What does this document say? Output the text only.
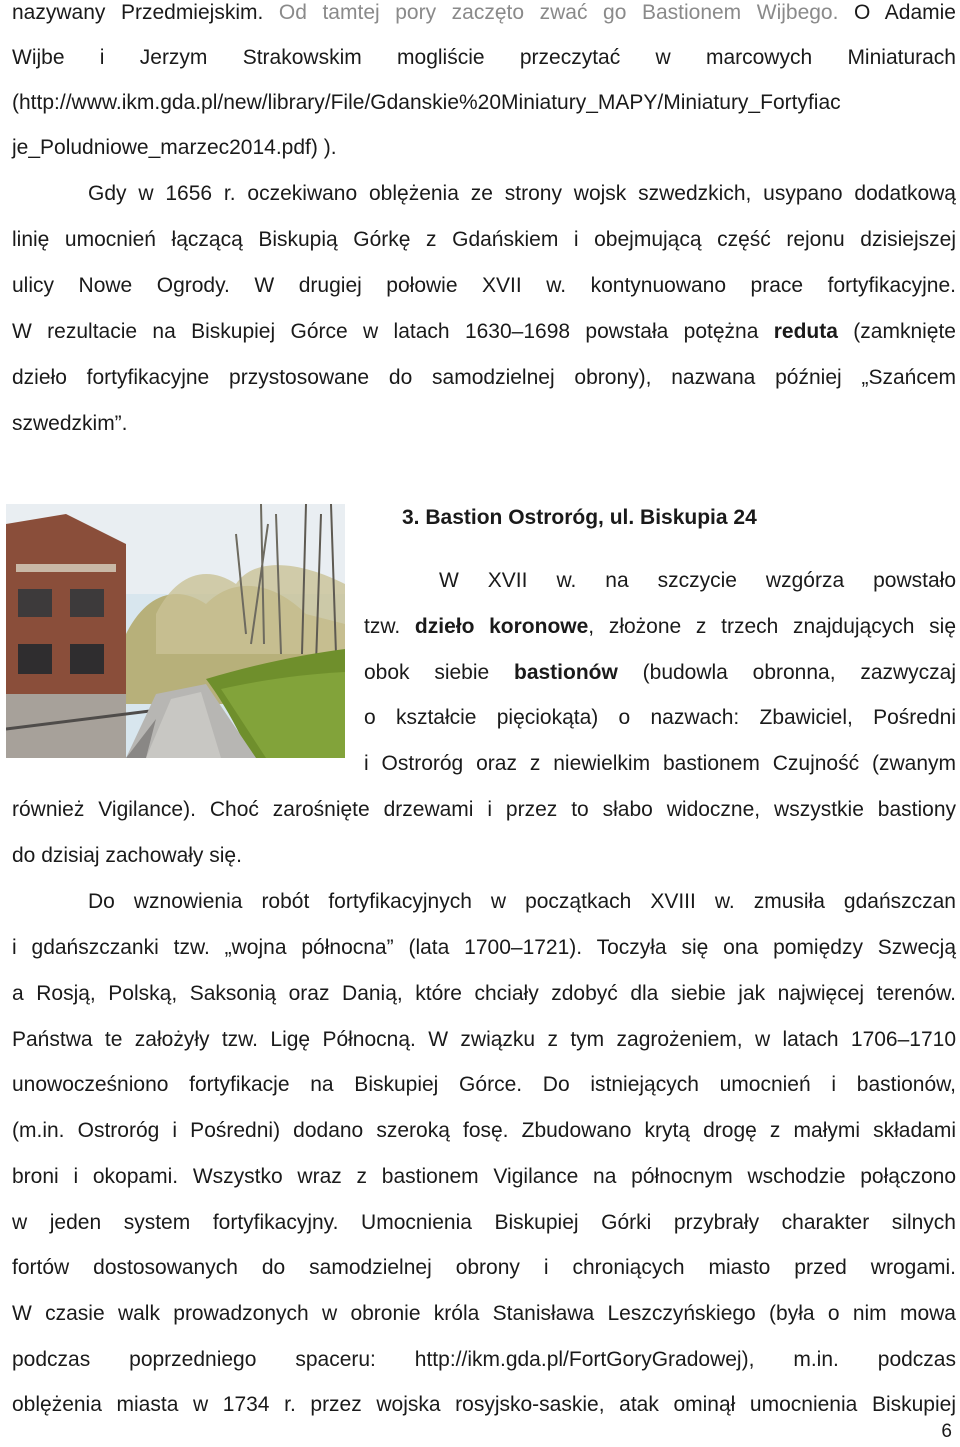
nazywany Przedmiejskim. Od tamtej pory zaczęto zwać go Bastionem Wijbego. O Adamie
Wijbe i Jerzym Strakowskim mogliście przeczytać w marcowych Miniaturach
(http://www.ikm.gda.pl/new/library/File/Gdanskie%20Miniatury_MAPY/Miniatury_Fortyfiac
je_Poludniowe_marzec2014.pdf) ).
Gdy w 1656 r. oczekiwano oblężenia ze strony wojsk szwedzkich, usypano dodatkową
linię umocnień łączącą Biskupią Górkę z Gdańskiem i obejmującą część rejonu dzisiejszej
ulicy Nowe Ogrody. W drugiej połowie XVII w. kontynuowano prace fortyfikacyjne.
W rezultacie na Biskupiej Górce w latach 1630–1698 powstała potężna reduta (zamknięte
dzieło fortyfikacyjne przystosowane do samodzielnej obrony), nazwana później „Szańcem
szwedzkim”.
3. Bastion Ostroróg, ul. Biskupia 24
W XVII w. na szczycie wzgórza powstało
tzw. dzieło koronowe, złożone z trzech znajdujących się
obok siebie bastionów (budowla obronna, zazwyczaj
o kształcie pięciokąta) o nazwach: Zbawiciel, Pośredni
i Ostroróg oraz z niewielkim bastionem Czujność (zwanym
również Vigilance). Choć zarośnięte drzewami i przez to słabo widoczne, wszystkie bastiony
do dzisiaj zachowały się.
Do wznowienia robót fortyfikacyjnych w początkach XVIII w. zmusiła gdańszczan
i gdańszczanki tzw. „wojna północna” (lata 1700–1721). Toczyła się ona pomiędzy Szwecją
a Rosją, Polską, Saksonią oraz Danią, które chciały zdobyć dla siebie jak najwięcej terenów.
Państwa te założyły tzw. Ligę Północną. W związku z tym zagrożeniem, w latach 1706–1710
unowocześniono fortyfikacje na Biskupiej Górce. Do istniejących umocnień i bastionów,
(m.in. Ostroróg i Pośredni) dodano szeroką fosę. Zbudowano krytą drogę z małymi składami
broni i okopami. Wszystko wraz z bastionem Vigilance na północnym wschodzie połączono
w jeden system fortyfikacyjny. Umocnienia Biskupiej Górki przybrały charakter silnych
fortów dostosowanych do samodzielnej obrony i chroniących miasto przed wrogami.
W czasie walk prowadzonych w obronie króla Stanisława Leszczyńskiego (była o nim mowa
podczas poprzedniego spaceru: http://ikm.gda.pl/FortGoryGradowej), m.in. podczas
oblężenia miasta w 1734 r. przez wojska rosyjsko-saskie, atak ominął umocnienia Biskupiej
6
